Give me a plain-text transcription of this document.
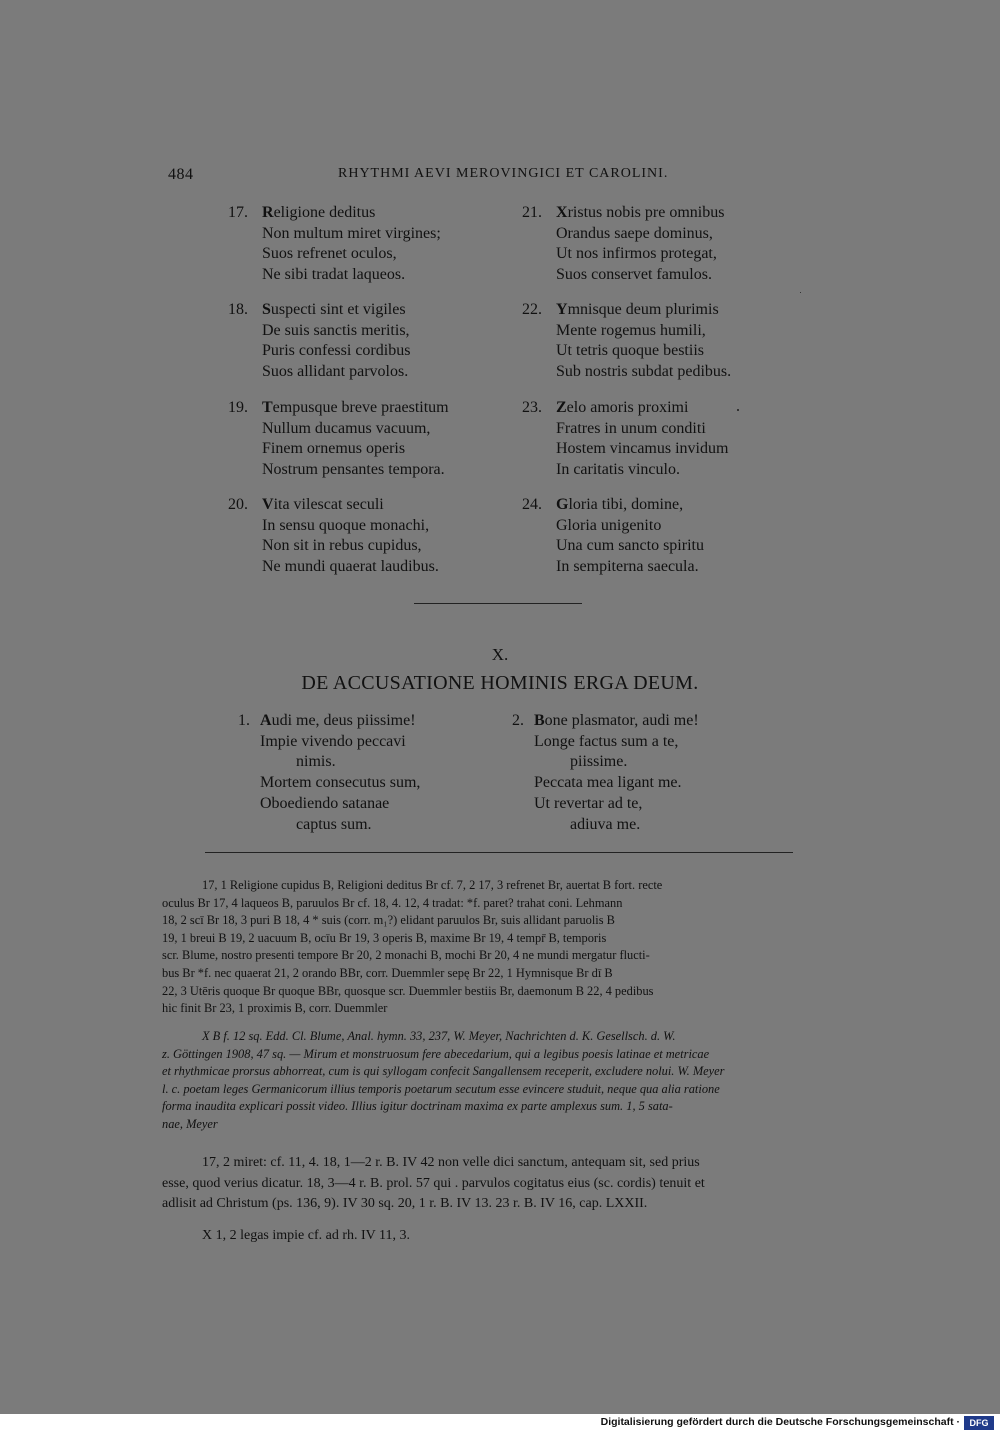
484	RHYTHMI AEVI MEROVINGICI ET CAROLINI.
17. Religione deditus
Non multum miret virgines;
Suos refrenet oculos,
Ne sibi tradat laqueos.
18. Suspecti sint et vigiles
De suis sanctis meritis,
Puris confessi cordibus
Suos allidant parvolos.
19. Tempusque breve praestitum
Nullum ducamus vacuum,
Finem ornemus operis
Nostrum pensantes tempora.
20. Vita vilescat seculi
In sensu quoque monachi,
Non sit in rebus cupidus,
Ne mundi quaerat laudibus.
21. Xristus nobis pre omnibus
Orandus saepe dominus,
Ut nos infirmos protegat,
Suos conservet famulos.
22. Ymnisque deum plurimis
Mente rogemus humili,
Ut tetris quoque bestiis
Sub nostris subdat pedibus.
23. Zelo amoris proximi
Fratres in unum conditi
Hostem vincamus invidum
In caritatis vinculo.
24. Gloria tibi, domine,
Gloria unigenito
Una cum sancto spiritu
In sempiterna saecula.
X.
DE ACCUSATIONE HOMINIS ERGA DEUM.
1. Audi me, deus piissime!
Impie vivendo peccavi
nimis.
Mortem consecutus sum,
Oboediendo satanae
captus sum.
2. Bone plasmator, audi me!
Longe factus sum a te,
piissime.
Peccata mea ligant me.
Ut revertar ad te,
adiuva me.

17, 1 Religione cupidus B, Religioni deditus Br cf. 7, 2 17, 3 refrenet Br, auertat B fort. recte

oculus Br 17, 4 laqueos B, paruulos Br cf. 18, 4. 12, 4 tradat: *f. paret? trahat coni. Lehmann

18, 2 scī Br 18, 3 puri B 18, 4 * suis (corr. m₁?) elidant paruulos Br, suis allidant paruolis B

19, 1 breui B 19, 2 uacuum B, ocīu Br 19, 3 operis B, maxime Br 19, 4 tempr̄ B, temporis

scr. Blume, nostro presenti tempore Br 20, 2 monachi B, mochi Br 20, 4 ne mundi mergatur flucti-

bus Br *f. nec quaerat 21, 2 orando BBr, corr. Duemmler sepę Br 22, 1 Hymnisque Br dī B

22, 3 Utēris quoque Br quoque BBr, quosque scr. Duemmler bestiis Br, daemonum B 22, 4 pedibus

hic finit Br 23, 1 proximis B, corr. Duemmler

X B f. 12 sq. Edd. Cl. Blume, Anal. hymn. 33, 237, W. Meyer, Nachrichten d. K. Gesellsch. d. W.

z. Göttingen 1908, 47 sq. — Mirum et monstruosum fere abecedarium, qui a legibus poesis latinae et metricae

et rhythmicae prorsus abhorreat, cum is qui syllogam confecit Sangallensem receperit, excludere nolui. W. Meyer

l. c. poetam leges Germanicorum illius temporis poetarum secutum esse evincere studuit, neque qua alia ratione

forma inaudita explicari possit video. Illius igitur doctrinam maxima ex parte amplexus sum. 1, 5 sata-

nae, Meyer

17, 2 miret: cf. 11, 4. 18, 1—2 r. B. IV 42 non velle dici sanctum, antequam sit, sed prius

esse, quod verius dicatur. 18, 3—4 r. B. prol. 57 qui . parvulos cogitatus eius (sc. cordis) tenuit et

adlisit ad Christum (ps. 136, 9). IV 30 sq. 20, 1 r. B. IV 13. 23 r. B. IV 16, cap. LXXII.

X 1, 2 legas impie cf. ad rh. IV 11, 3.

Digitalisierung gefördert durch die Deutsche Forschungsgemeinschaft ·	DFG
